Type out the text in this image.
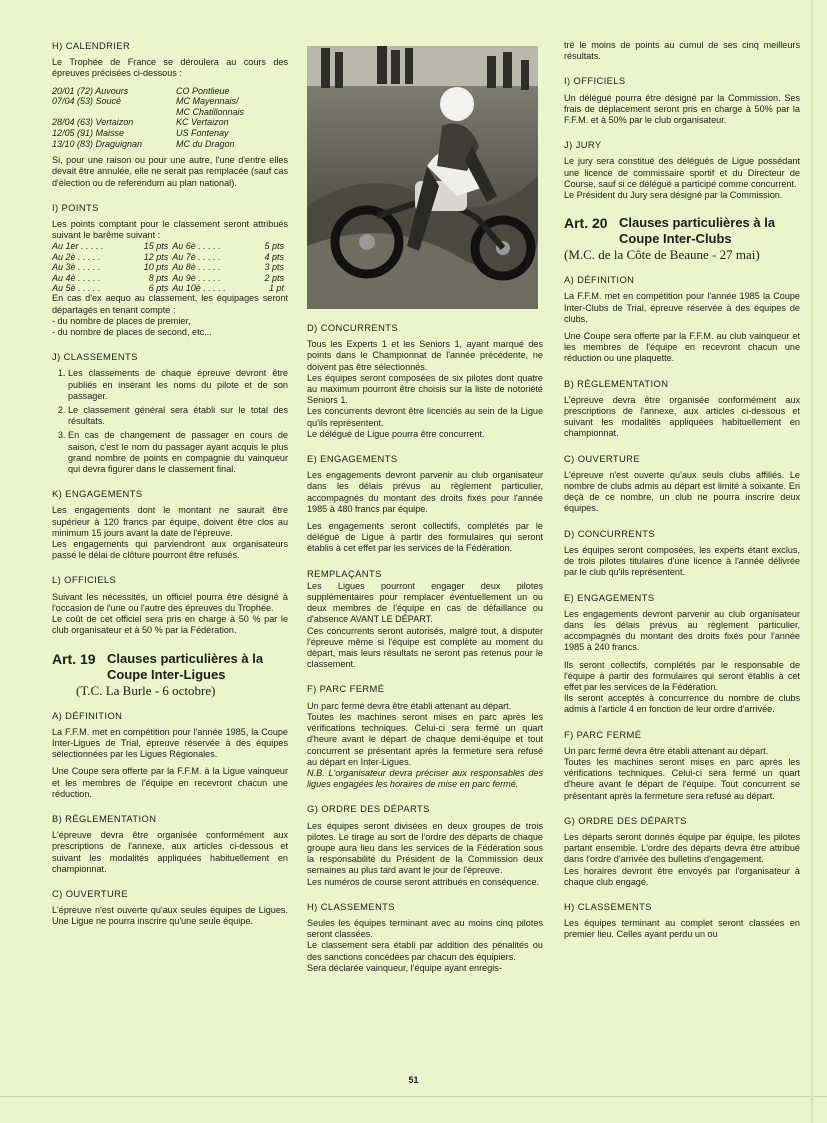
H) CALENDRIER

Le Trophée de France se déroulera au cours des épreuves précisées ci-dessous :

20/01 (72) Auvours	CO Pontlieue
07/04 (53) Soucé	MC Mayennais/
	MC Chatillonnais
28/04 (63) Vertaizon	KC Vertaizon
12/05 (91) Maisse	US Fontenay
13/10 (83) Draguignan	MC du Dragon

Si, pour une raison ou pour une autre, l'une d'entre elles devait être annulée, elle ne serait pas remplacée (sauf cas d'élection ou de referendum au plan national).

I) POINTS

Les points comptant pour le classement seront attribués suivant le barême suivant :

Au 1er . . . . .	15 pts	Au 6è . . . . .	5 pts
Au 2è . . . . .	12 pts	Au 7è . . . . .	4 pts
Au 3è . . . . .	10 pts	Au 8è . . . . .	3 pts
Au 4è . . . . .	8 pts	Au 9è . . . . .	2 pts
Au 5è . . . . .	6 pts	Au 10è . . . . .	1 pt

En cas d'ex aequo au classement, les équipages seront départagés en tenant compte :

- du nombre de places de premier,

- du nombre de places de second, etc...

J) CLASSEMENTS
1. Les classements de chaque épreuve devront être publiés en insérant les noms du pilote et de son passager.
2. Le classement général sera établi sur le total des résultats.
3. En cas de changement de passager en cours de saison, c'est le nom du passager ayant acquis le plus grand nombre de points en compagnie du vainqueur qui devra figurer dans le classement final.
K) ENGAGEMENTS

Les engagements dont le montant ne saurait être supérieur à 120 francs par équipe, doivent être clos au minimum 15 jours avant la date de l'épreuve.

Les engagements qui parviendront aux organisateurs passé le délai de clôture pourront être refusés.

L) OFFICIELS

Suivant les nécessités, un officiel pourra être désigné à l'occasion de l'une ou l'autre des épreuves du Trophée.

Le coût de cet officiel sera pris en charge à 50 % par le club organisateur et à 50 % par la Fédération.

Art. 19 Clauses particulières à la Coupe Inter-Ligues
(T.C. La Burle - 6 octobre)
A) DÉFINITION

La F.F.M. met en compétition pour l'année 1985, la Coupe Inter-Ligues de Trial, épreuve réservée à des équipes sélectionnées par les Ligues Régionales.

Une Coupe sera offerte par la F.F.M. à la Ligue vainqueur et les membres de l'équipe en recevront chacun une réduction.

B) RÉGLEMENTATION

L'épreuve devra être organisée conformément aux prescriptions de l'annexe, aux articles ci-dessous et suivant les modalités appliquées habituellement en championnat.

C) OUVERTURE

L'épreuve n'est ouverte qu'aux seules équipes de Ligues. Une Ligue ne pourra inscrire qu'une seule équipe.

D) CONCURRENTS

Tous les Experts 1 et les Seniors 1, ayant marqué des points dans le Championnat de l'année précédente, ne doivent pas être sélectionnés.

Les équipes seront composées de six pilotes dont quatre au maximum pourront être choisis sur la liste de notoriété Seniors 1.

Les concurrents devront être licenciés au sein de la Ligue qu'ils représentent.

Le délégué de Ligue pourra être concurrent.

E) ENGAGEMENTS

Les engagements devront parvenir au club organisateur dans les délais prévus au règlement particulier, accompagnés du montant des droits fixés pour l'année 1985 à 480 francs par équipe.

Les engagements seront collectifs, complétés par le délégué de Ligue à partir des formulaires qui seront établis à cet effet par les services de la Fédération.

REMPLAÇANTS

Les Ligues pourront engager deux pilotes supplémentaires pour remplacer éventuellement un ou deux membres de l'équipe en cas de défaillance ou d'absence AVANT LE DÉPART.

Ces concurrents seront autorisés, malgré tout, à disputer l'épreuve même si l'équipe est complète au moment du départ, mais leurs résultats ne seront pas retenus pour le classement.

F) PARC FERMÉ

Un parc fermé devra être établi attenant au départ.

Toutes les machines seront mises en parc après les vérifications techniques. Celui-ci sera fermé un quart d'heure avant le départ de chaque demi-équipe et tout concurrent se présentant après la fermeture sera refusé au départ en Inter-Ligues.

N.B. L'organisateur devra préciser aux responsables des ligues engagées les horaires de mise en parc fermé.

G) ORDRE DES DÉPARTS

Les équipes seront divisées en deux groupes de trois pilotes. Le tirage au sort de l'ordre des départs de chaque groupe aura lieu dans les services de la Fédération sous la responsabilité du Président de la Commission deux semaines au plus tard avant le jour de l'épreuve.

Les numéros de course seront attribués en conséquence.

H) CLASSEMENTS

Seules les équipes terminant avec au moins cinq pilotes seront classées.

Le classement sera établi par addition des pénalités ou des sanctions concédées par chacun des équipiers.

Sera déclarée vainqueur, l'équipe ayant enregis-

tré le moins de points au cumul de ses cinq meilleurs résultats.

I) OFFICIELS

Un délégué pourra être désigné par la Commission. Ses frais de déplacement seront pris en charge à 50% par la F.F.M. et à 50% par le club organisateur.

J) JURY

Le jury sera constitué des délégués de Ligue possédant une licence de commissaire sportif et du Directeur de Course, sauf si ce délégué a participé comme concurrent.

Le Président du Jury sera désigné par la Commission.

Art. 20 Clauses particulières à la Coupe Inter-Clubs
(M.C. de la Côte de Beaune - 27 mai)
A) DÉFINITION

La F.F.M. met en compétition pour l'année 1985 la Coupe Inter-Clubs de Trial, épreuve réservée à des équipes de clubs.

Une Coupe sera offerte par la F.F.M. au club vainqueur et les membres de l'équipe en recevront chacun une réduction ou une plaquette.

B) RÉGLEMENTATION

L'épreuve devra être organisée conformément aux prescriptions de l'annexe, aux articles ci-dessous et suivant les modalités appliquées habituellement en championnat.

C) OUVERTURE

L'épreuve n'est ouverte qu'aux seuls clubs affiliés. Le nombre de clubs admis au départ est limité à soixante. En deçà de ce nombre, un club ne pourra inscrire deux équipes.

D) CONCURRENTS

Les équipes seront composées, les experts étant exclus, de trois pilotes titulaires d'une licence à l'année délivrée par le club qu'ils représentent.

E) ENGAGEMENTS

Les engagements devront parvenir au club organisateur dans les délais prévus au règlement particulier, accompagnés du montant des droits fixés pour l'année 1985 à 240 francs.

Ils seront collectifs, complétés par le responsable de l'équipe à partir des formulaires qui seront établis à cet effet par les services de la Fédération.

Ils seront acceptés à concurrence du nombre de clubs admis à l'article 4 en fonction de leur ordre d'arrivée.

F) PARC FERMÉ

Un parc fermé devra être établi attenant au départ.

Toutes les machines seront mises en parc après les vérifications techniques. Celui-ci sera fermé un quart d'heure avant le départ de l'équipe. Tout concurrent se présentant après la fermeture sera refusé au départ.

G) ORDRE DES DÉPARTS

Les départs seront donnés équipe par équipe, les pilotes partant ensemble. L'ordre des départs devra être attribué dans l'ordre d'arrivée des bulletins d'engagement.

Les horaires devront être envoyés par l'organisateur à chaque club engagé.

H) CLASSEMENTS

Les équipes terminant au complet seront classées en premier lieu. Celles ayant perdu un ou

51
